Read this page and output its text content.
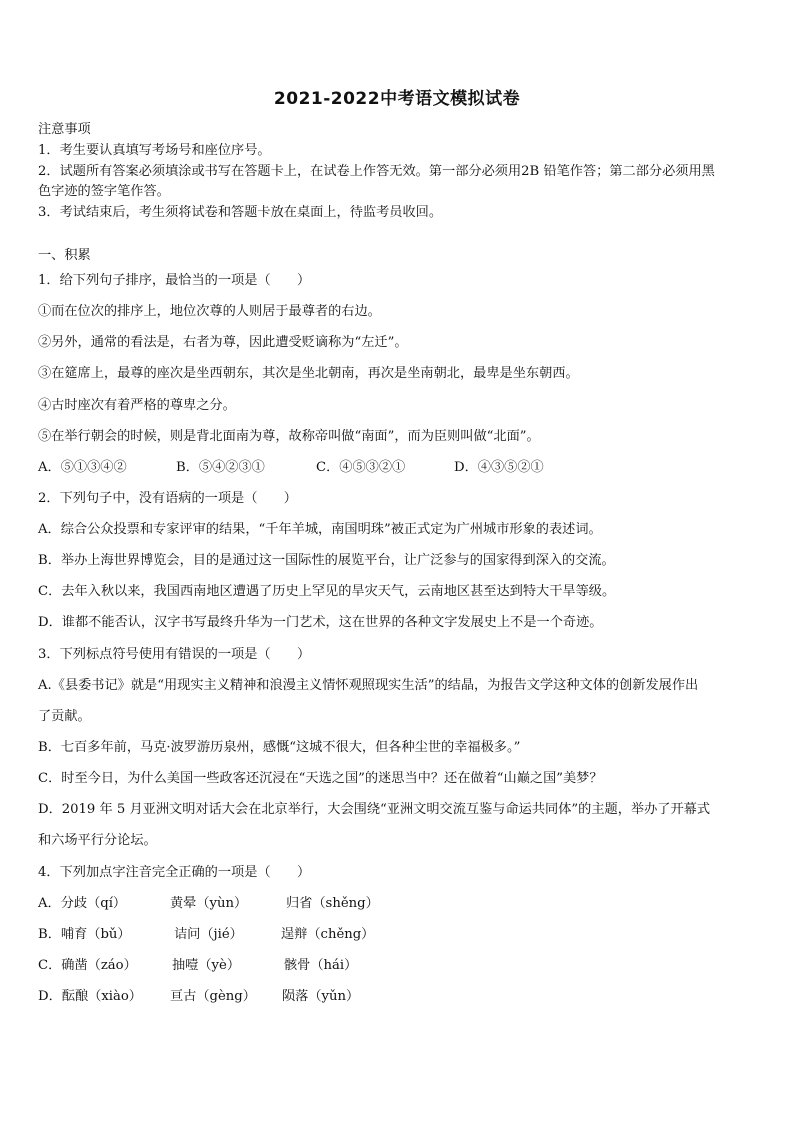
2021-2022中考语文模拟试卷
注意事项
1．考生要认真填写考场号和座位序号。
2．试题所有答案必须填涂或书写在答题卡上，在试卷上作答无效。第一部分必须用2B 铅笔作答；第二部分必须用黑
色字迹的签字笔作答。
3．考试结束后，考生须将试卷和答题卡放在桌面上，待监考员收回。
一、积累
1．给下列句子排序，最恰当的一项是（　　）
①而在位次的排序上，地位次尊的人则居于最尊者的右边。
②另外，通常的看法是，右者为尊，因此遭受贬谪称为“左迁”。
③在筵席上，最尊的座次是坐西朝东，其次是坐北朝南，再次是坐南朝北，最卑是坐东朝西。
④古时座次有着严格的尊卑之分。
⑤在举行朝会的时候，则是背北面南为尊，故称帝叫做“南面”，而为臣则叫做“北面”。
A．⑤①③④②	B．⑤④②③①	C．④⑤③②①	D．④③⑤②①
2．下列句子中，没有语病的一项是（　　）
A．综合公众投票和专家评审的结果，“千年羊城，南国明珠”被正式定为广州城市形象的表述词。
B．举办上海世界博览会，目的是通过这一国际性的展览平台，让广泛参与的国家得到深入的交流。
C．去年入秋以来，我国西南地区遭遇了历史上罕见的旱灾天气，云南地区甚至达到特大干旱等级。
D．谁都不能否认，汉字书写最终升华为一门艺术，这在世界的各种文字发展史上不是一个奇迹。
3．下列标点符号使用有错误的一项是（　　）
A.《县委书记》就是“用现实主义精神和浪漫主义情怀观照现实生活”的结晶，为报告文学这种文体的创新发展作出
了贡献。
B．七百多年前，马克·波罗游历泉州，感慨“这城不很大，但各种尘世的幸福极多。”
C．时至今日，为什么美国一些政客还沉浸在“天选之国”的迷思当中？还在做着“山巅之国”美梦？
D．2019 年 5 月亚洲文明对话大会在北京举行，大会围绕“亚洲文明交流互鉴与命运共同体”的主题，举办了开幕式
和六场平行分论坛。
4．下列加点字注音完全正确的一项是（　　）
A．分歧（qí）	黄晕（yùn）	归省（shěng）
B．哺育（bǔ）	诘问（jié）	逞辩（chěng）
C．确凿（záo）	抽噎（yè）	骸骨（hái）
D．酝酿（xiào） 亘古（gèng） 陨落（yǔn）
